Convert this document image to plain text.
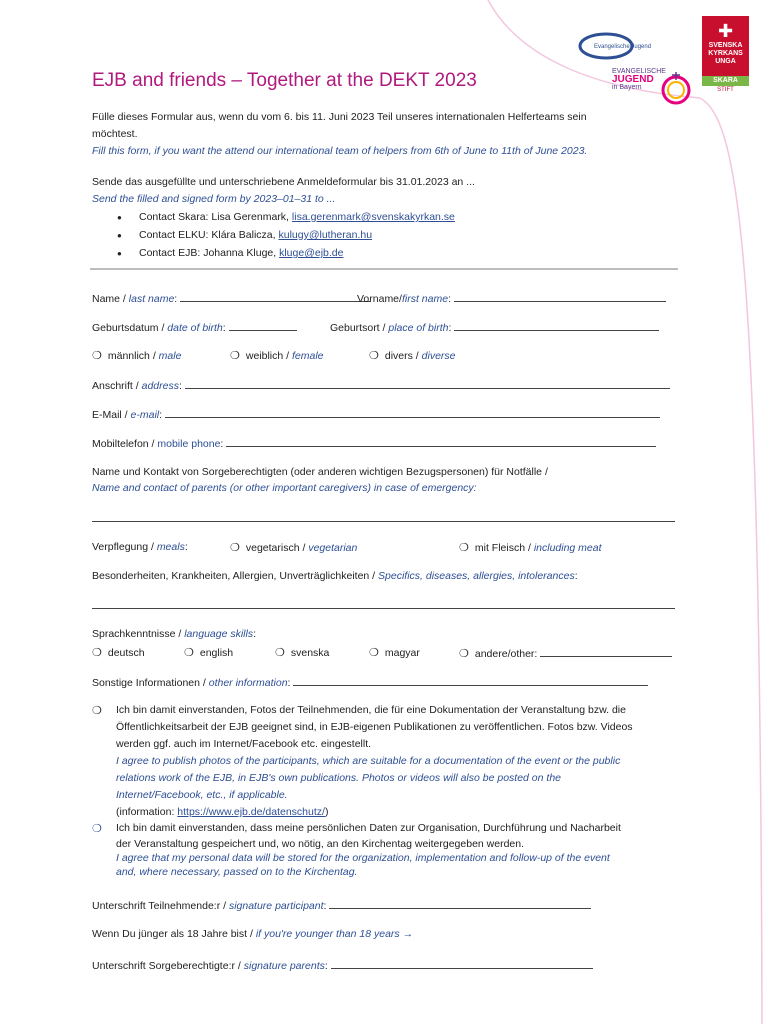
Evangelische Jugend
EVANGELISCHE
JUGEND
in Bayern
✚
SVENSKA
KYRKANS
UNGA
SKARA
STIFT
EJB and friends – Together at the DEKT 2023
Fülle dieses Formular aus, wenn du vom 6. bis 11. Juni 2023 Teil unseres internationalen Helferteams sein
möchtest.
Fill this form, if you want the attend our international team of helpers from 6th of June to 11th of June 2023.
Sende das ausgefüllte und unterschriebene Anmeldeformular bis 31.01.2023 an ...
Send the filled and signed form by 2023–01–31 to ...
● Contact Skara: Lisa Gerenmark, lisa.gerenmark@svenskakyrkan.se
● Contact ELKU: Klára Balicza, kulugy@lutheran.hu
● Contact EJB: Johanna Kluge, kluge@ejb.de
Name / last name:	Vorname/first name:
Geburtsdatum / date of birth:	Geburtsort / place of birth:
❍ männlich / male	❍ weiblich / female	❍ divers / diverse
Anschrift / address:
E-Mail / e-mail:
Mobiltelefon / mobile phone:
Name und Kontakt von Sorgeberechtigten (oder anderen wichtigen Bezugspersonen) für Notfälle /
Name and contact of parents (or other important caregivers) in case of emergency:
Verpflegung / meals:	❍ vegetarisch / vegetarian	❍ mit Fleisch / including meat
Besonderheiten, Krankheiten, Allergien, Unverträglichkeiten / Specifics, diseases, allergies, intolerances:
Sprachkenntnisse / language skills:
❍ deutsch	❍ english	❍ svenska	❍ magyar	❍ andere/other:
Sonstige Informationen / other information:
❍ Ich bin damit einverstanden, Fotos der Teilnehmenden, die für eine Dokumentation der Veranstaltung bzw. die
Öffentlichkeitsarbeit der EJB geeignet sind, in EJB-eigenen Publikationen zu veröffentlichen. Fotos bzw. Videos
werden ggf. auch im Internet/Facebook etc. eingestellt.
I agree to publish photos of the participants, which are suitable for a documentation of the event or the public
relations work of the EJB, in EJB's own publications. Photos or videos will also be posted on the
Internet/Facebook, etc., if applicable.
(information: https://www.ejb.de/datenschutz/)
❍ Ich bin damit einverstanden, dass meine persönlichen Daten zur Organisation, Durchführung und Nacharbeit
der Veranstaltung gespeichert und, wo nötig, an den Kirchentag weitergegeben werden.
I agree that my personal data will be stored for the organization, implementation and follow-up of the event
and, where necessary, passed on to the Kirchentag.
Unterschrift Teilnehmende:r / signature participant:
Wenn Du jünger als 18 Jahre bist / if you're younger than 18 years →
Unterschrift Sorgeberechtigte:r / signature parents:
